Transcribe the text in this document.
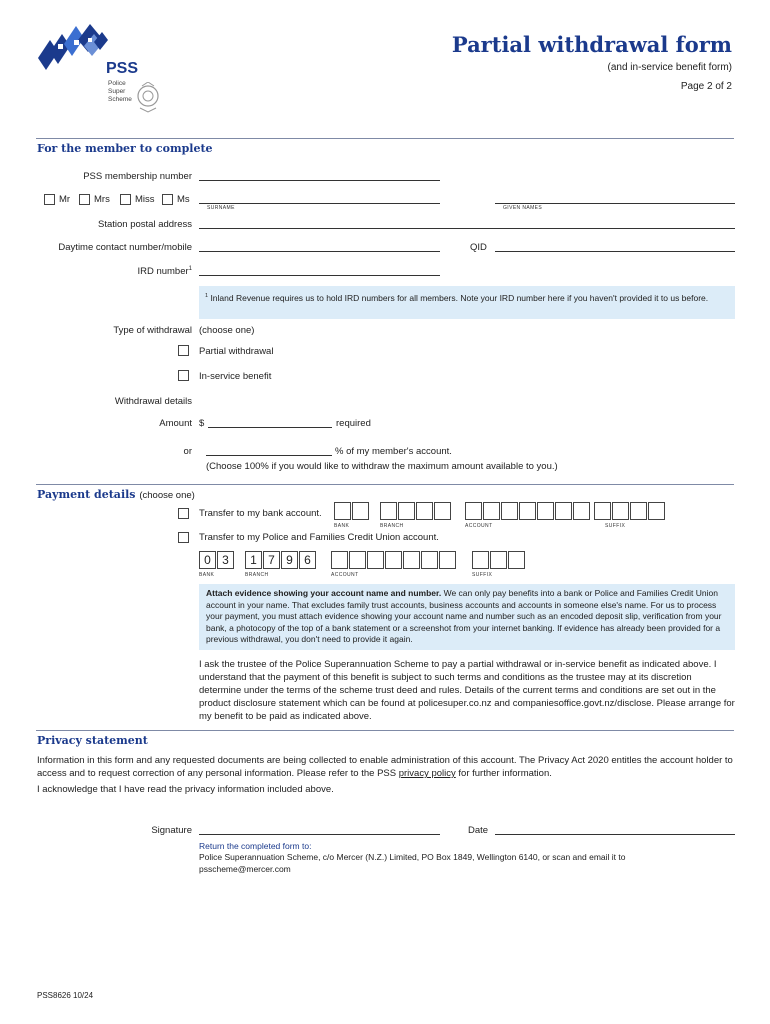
PSS
Police
Super
Scheme
Partial withdrawal form
(and in-service benefit form)
Page 2 of 2
For the member to complete
PSS membership number
Mr	Mrs	Miss Ms
SURNAME	GIVEN NAMES
Station postal address
Daytime contact number/mobile	QID
IRD number$^1$
$^1$ Inland Revenue requires us to hold IRD numbers for all members. Note your IRD number here if you haven't provided it to us before.
Type of withdrawal (choose one)
Partial withdrawal
In-service benefit
Withdrawal details
Amount $	required
or	% of my member's account.
(Choose 100% if you would like to withdraw the maximum amount available to you.)
Payment details (choose one)
Transfer to my bank account.
BANK	BRANCH	ACCOUNT	SUFFIX
Transfer to my Police and Families Credit Union account.
0 3	1 7 9 6
BANK	BRANCH	ACCOUNT	SUFFIX
Attach evidence showing your account name and number. We can only pay benefits into a bank or Police and Families Credit Union account in your name. That excludes family trust accounts, business accounts and accounts in someone else's name. For us to process your payment, you must attach evidence showing your account name and number such as an encoded deposit slip, verification from your bank, a photocopy of the top of a bank statement or a screenshot from your internet banking. If evidence has already been provided for a previous withdrawal, you don't need to provide it again.
I ask the trustee of the Police Superannuation Scheme to pay a partial withdrawal or in-service benefit as indicated above. I understand that the payment of this benefit is subject to such terms and conditions as the trustee may at its discretion determine under the terms of the scheme trust deed and rules. Details of the current terms and conditions are set out in the product disclosure statement which can be found at policesuper.co.nz and companiesoffice.govt.nz/disclose. Please arrange for my benefit to be paid as indicated above.
Privacy statement
Information in this form and any requested documents are being collected to enable administration of this account. The Privacy Act 2020 entitles the account holder to access and to request correction of any personal information. Please refer to the PSS privacy policy for further information.
I acknowledge that I have read the privacy information included above.
Signature	Date
Return the completed form to:
Police Superannuation Scheme, c/o Mercer (N.Z.) Limited, PO Box 1849, Wellington 6140, or scan and email it to
psscheme@mercer.com
PSS8626 10/24
